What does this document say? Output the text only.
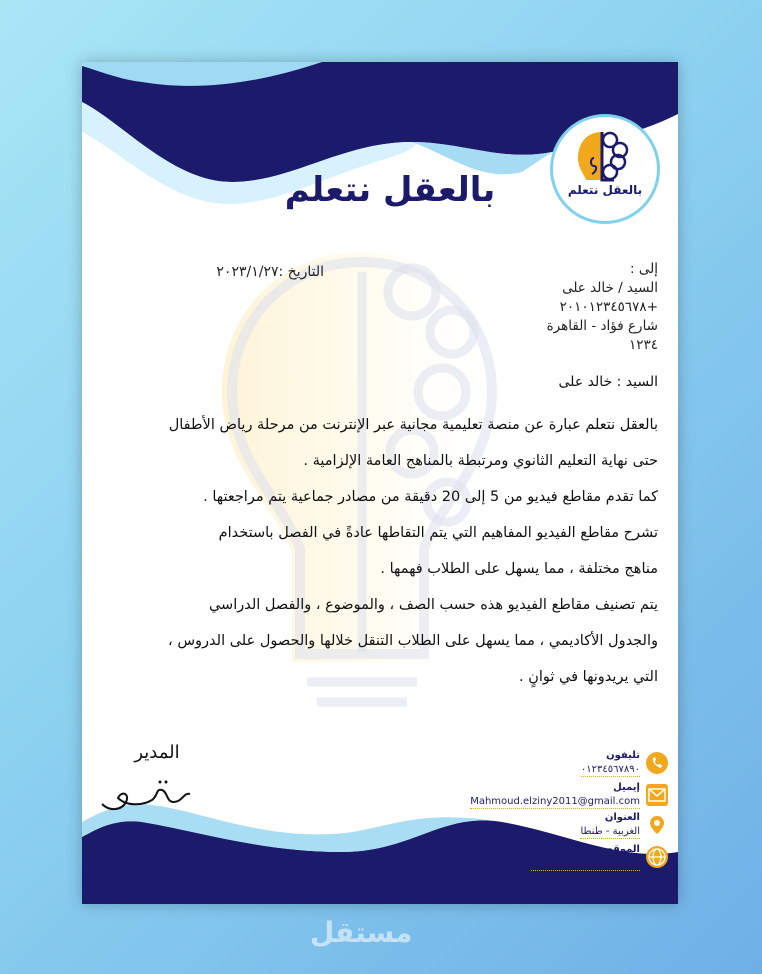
بالعقل نتعلم	بالعقل نتعلم
التاريخ :٢٠٢٣/١/٢٧	إلى :
السيد / خالد على
+٢٠١٠١٢٣٤٥٦٧٨
شارع فؤاد - القاهرة
١٢٣٤
السيد : خالد على

بالعقل نتعلم عبارة عن منصة تعليمية مجانية عبر الإنترنت من مرحلة رياض الأطفال

حتى نهاية التعليم الثانوي ومرتبطة بالمناهج العامة الإلزامية .

كما تقدم مقاطع فيديو من 5 إلى 20 دقيقة من مصادر جماعية يتم مراجعتها .

تشرح مقاطع الفيديو المفاهيم التي يتم التقاطها عادةً في الفصل باستخدام

مناهج مختلفة ، مما يسهل على الطلاب فهمها .

يتم تصنيف مقاطع الفيديو هذه حسب الصف ، والموضوع ، والفصل الدراسي

والجدول الأكاديمي ، مما يسهل على الطلاب التنقل خلالها والحصول على الدروس ،

التي يريدونها في ثوانٍ .

المدير	تليفون
٠١٢٣٤٥٦٧٨٩٠
إيميل
Mahmoud.elziny2011@gmail.com
العنوان
الغربية - طنطا
الموقع
www.Bl3ql.nt3lm.com
مستقل
